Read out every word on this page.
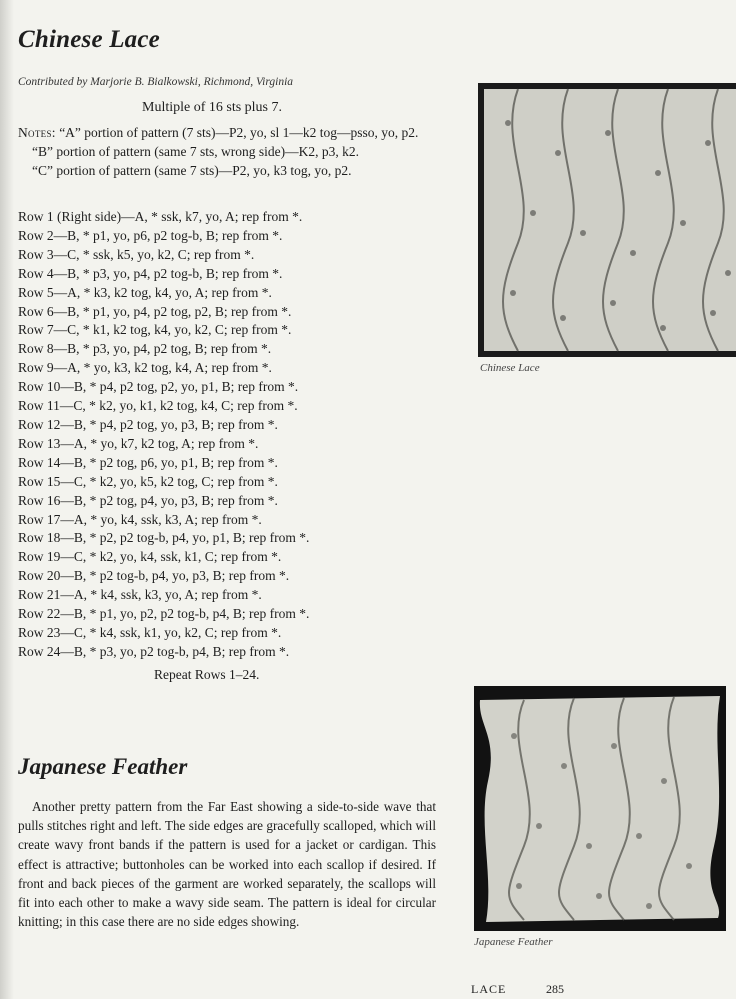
Chinese Lace
Contributed by Marjorie B. Bialkowski, Richmond, Virginia
Multiple of 16 sts plus 7.
Notes: “A” portion of pattern (7 sts)—P2, yo, sl 1—k2 tog—psso, yo, p2.
“B” portion of pattern (same 7 sts, wrong side)—K2, p3, k2.
“C” portion of pattern (same 7 sts)—P2, yo, k3 tog, yo, p2.
Row 1 (Right side)—A, * ssk, k7, yo, A; rep from *.
Row 2—B, * p1, yo, p6, p2 tog-b, B; rep from *.
Row 3—C, * ssk, k5, yo, k2, C; rep from *.
Row 4—B, * p3, yo, p4, p2 tog-b, B; rep from *.
Row 5—A, * k3, k2 tog, k4, yo, A; rep from *.
Row 6—B, * p1, yo, p4, p2 tog, p2, B; rep from *.
Row 7—C, * k1, k2 tog, k4, yo, k2, C; rep from *.
Row 8—B, * p3, yo, p4, p2 tog, B; rep from *.
Row 9—A, * yo, k3, k2 tog, k4, A; rep from *.
Row 10—B, * p4, p2 tog, p2, yo, p1, B; rep from *.
Row 11—C, * k2, yo, k1, k2 tog, k4, C; rep from *.
Row 12—B, * p4, p2 tog, yo, p3, B; rep from *.
Row 13—A, * yo, k7, k2 tog, A; rep from *.
Row 14—B, * p2 tog, p6, yo, p1, B; rep from *.
Row 15—C, * k2, yo, k5, k2 tog, C; rep from *.
Row 16—B, * p2 tog, p4, yo, p3, B; rep from *.
Row 17—A, * yo, k4, ssk, k3, A; rep from *.
Row 18—B, * p2, p2 tog-b, p4, yo, p1, B; rep from *.
Row 19—C, * k2, yo, k4, ssk, k1, C; rep from *.
Row 20—B, * p2 tog-b, p4, yo, p3, B; rep from *.
Row 21—A, * k4, ssk, k3, yo, A; rep from *.
Row 22—B, * p1, yo, p2, p2 tog-b, p4, B; rep from *.
Row 23—C, * k4, ssk, k1, yo, k2, C; rep from *.
Row 24—B, * p3, yo, p2 tog-b, p4, B; rep from *.
Repeat Rows 1–24.
Chinese Lace
Japanese Feather
Another pretty pattern from the Far East showing a side-to-side wave that pulls stitches right and left. The side edges are gracefully scalloped, which will create wavy front bands if the pattern is used for a jacket or cardigan. This effect is attractive; buttonholes can be worked into each scallop if desired. If front and back pieces of the garment are worked separately, the scallops will fit into each other to make a wavy side seam. The pattern is ideal for circular knitting; in this case there are no side edges showing.
Japanese Feather
LACE	285
